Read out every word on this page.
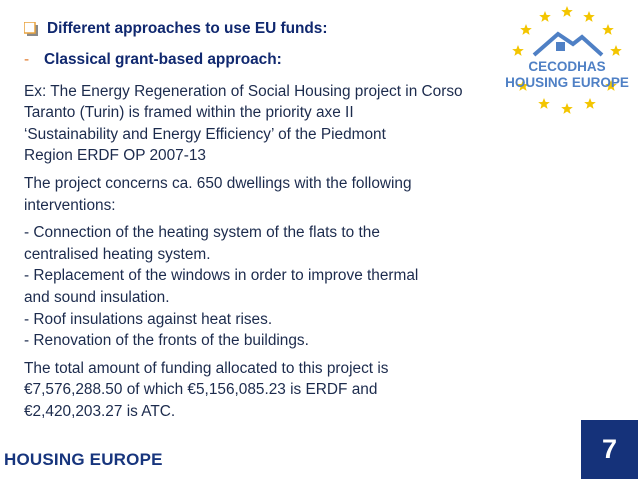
Different approaches to use EU funds:
- Classical grant-based approach:
Ex: The Energy Regeneration of Social Housing project in Corso
Taranto (Turin) is framed within the priority axe II
‘Sustainability and Energy Efficiency’ of the Piedmont
Region ERDF OP 2007-13
The project concerns ca. 650 dwellings with the following
interventions:
- Connection of the heating system of the flats to the
centralised heating system.
- Replacement of the windows in order to improve thermal
and sound insulation.
- Roof insulations against heat rises.
- Renovation of the fronts of the buildings.
The total amount of funding allocated to this project is
€7,576,288.50 of which €5,156,085.23 is ERDF and
€2,420,203.27 is ATC.
CECODHAS
HOUSING EUROPE
HOUSING EUROPE	7
